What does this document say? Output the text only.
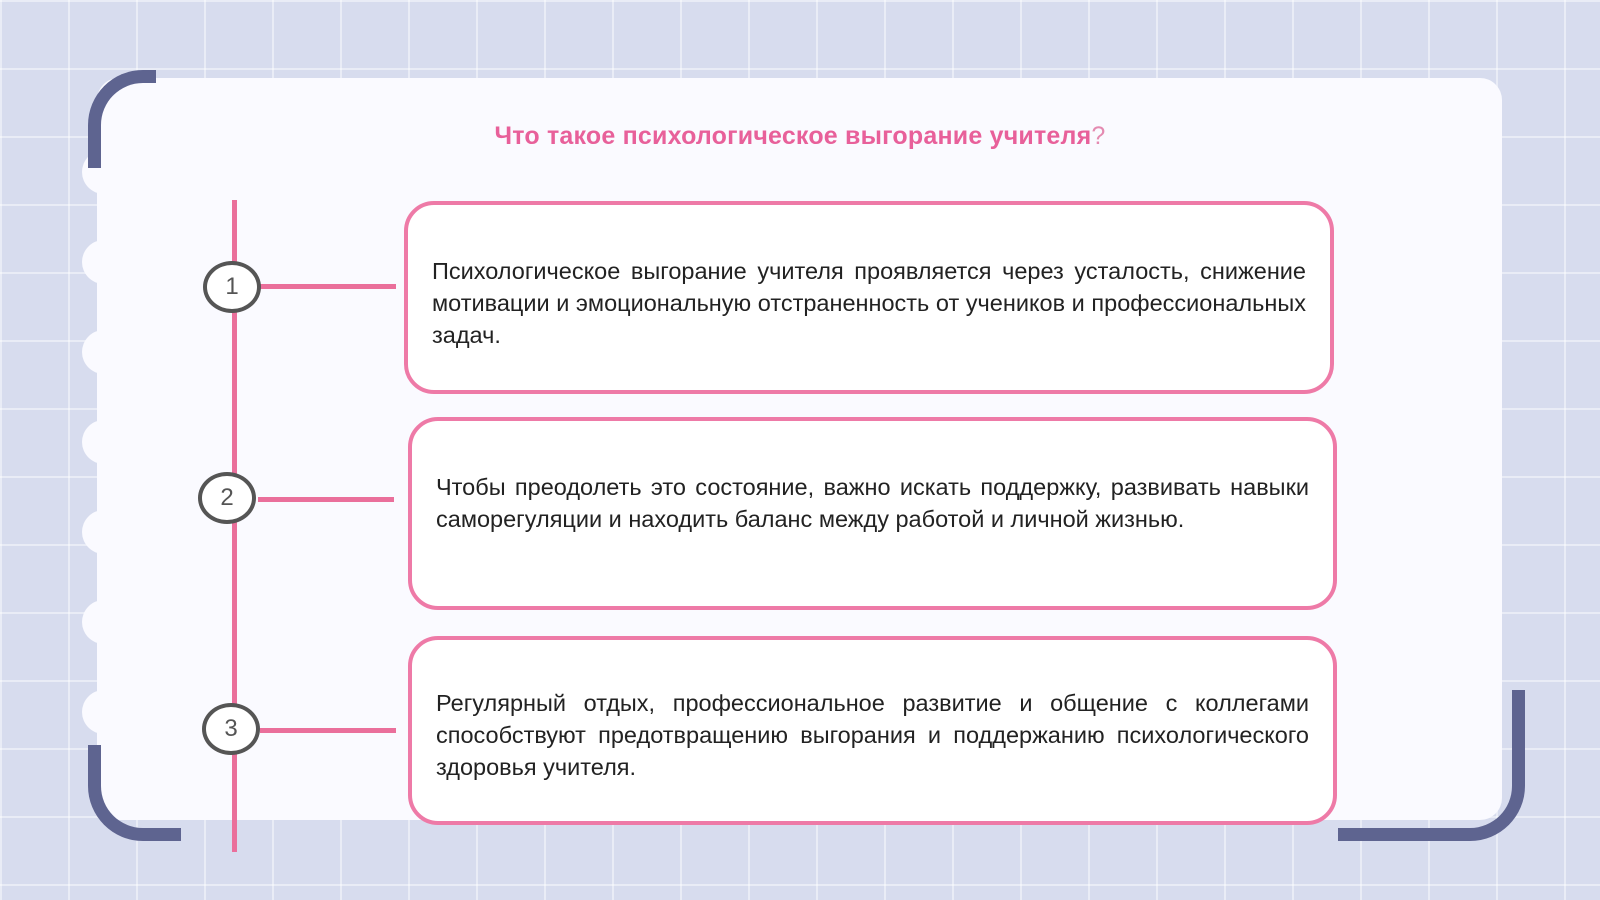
Что такое психологическое выгорание учителя?
1

Психологическое выгорание учителя проявляется через усталость, снижение мотивации и эмоциональную отстраненность от учеников и профессиональных задач.

2	Чтобы преодолеть это состояние, важно искать поддержку, развивать навыки саморегуляции и находить баланс между работой и личной жизнью.

3

Регулярный отдых, профессиональное развитие и общение с коллегами способствуют предотвращению выгорания и поддержанию психологического здоровья учителя.
